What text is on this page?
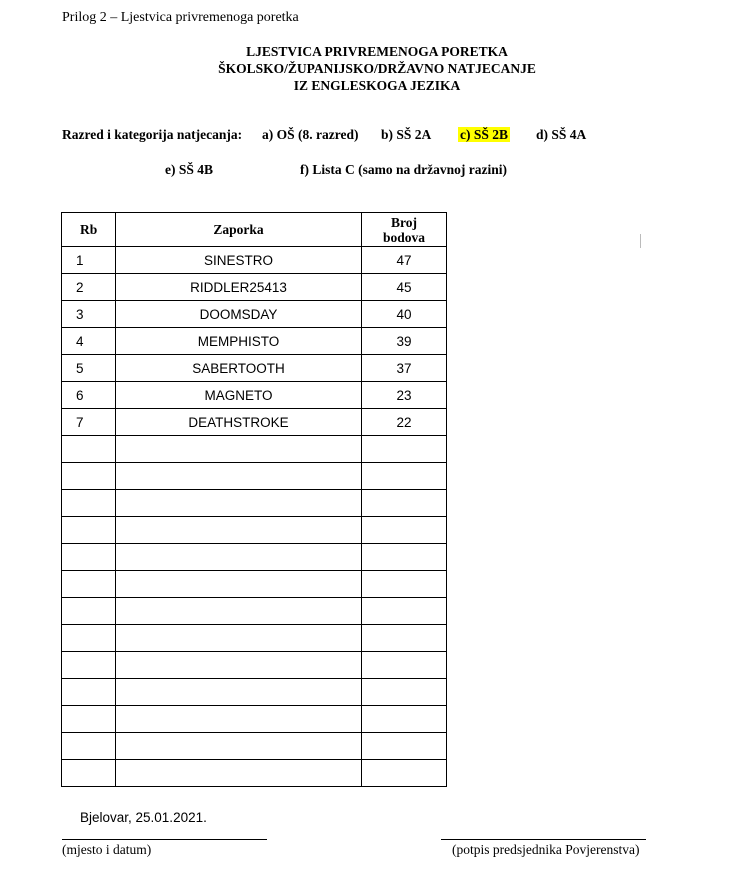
Prilog 2 – Ljestvica privremenoga poretka
LJESTVICA PRIVREMENOGA PORETKA
ŠKOLSKO/ŽUPANIJSKO/DRŽAVNO NATJECANJE
IZ ENGLESKOGA JEZIKA
Razred i kategorija natjecanja: a) OŠ (8. razred) b) SŠ 2A c) SŠ 2B d) SŠ 4A
e) SŠ 4B	f) Lista C (samo na državnoj razini)
Rb	Zaporka	Broj
bodova
1	SINESTRO	47
2	RIDDLER25413	45
3	DOOMSDAY	40
4	MEMPHISTO	39
5	SABERTOOTH	37
6	MAGNETO	23
7	DEATHSTROKE	22

Bjelovar, 25.01.2021.
(mjesto i datum)	(potpis predsjednika Povjerenstva)
